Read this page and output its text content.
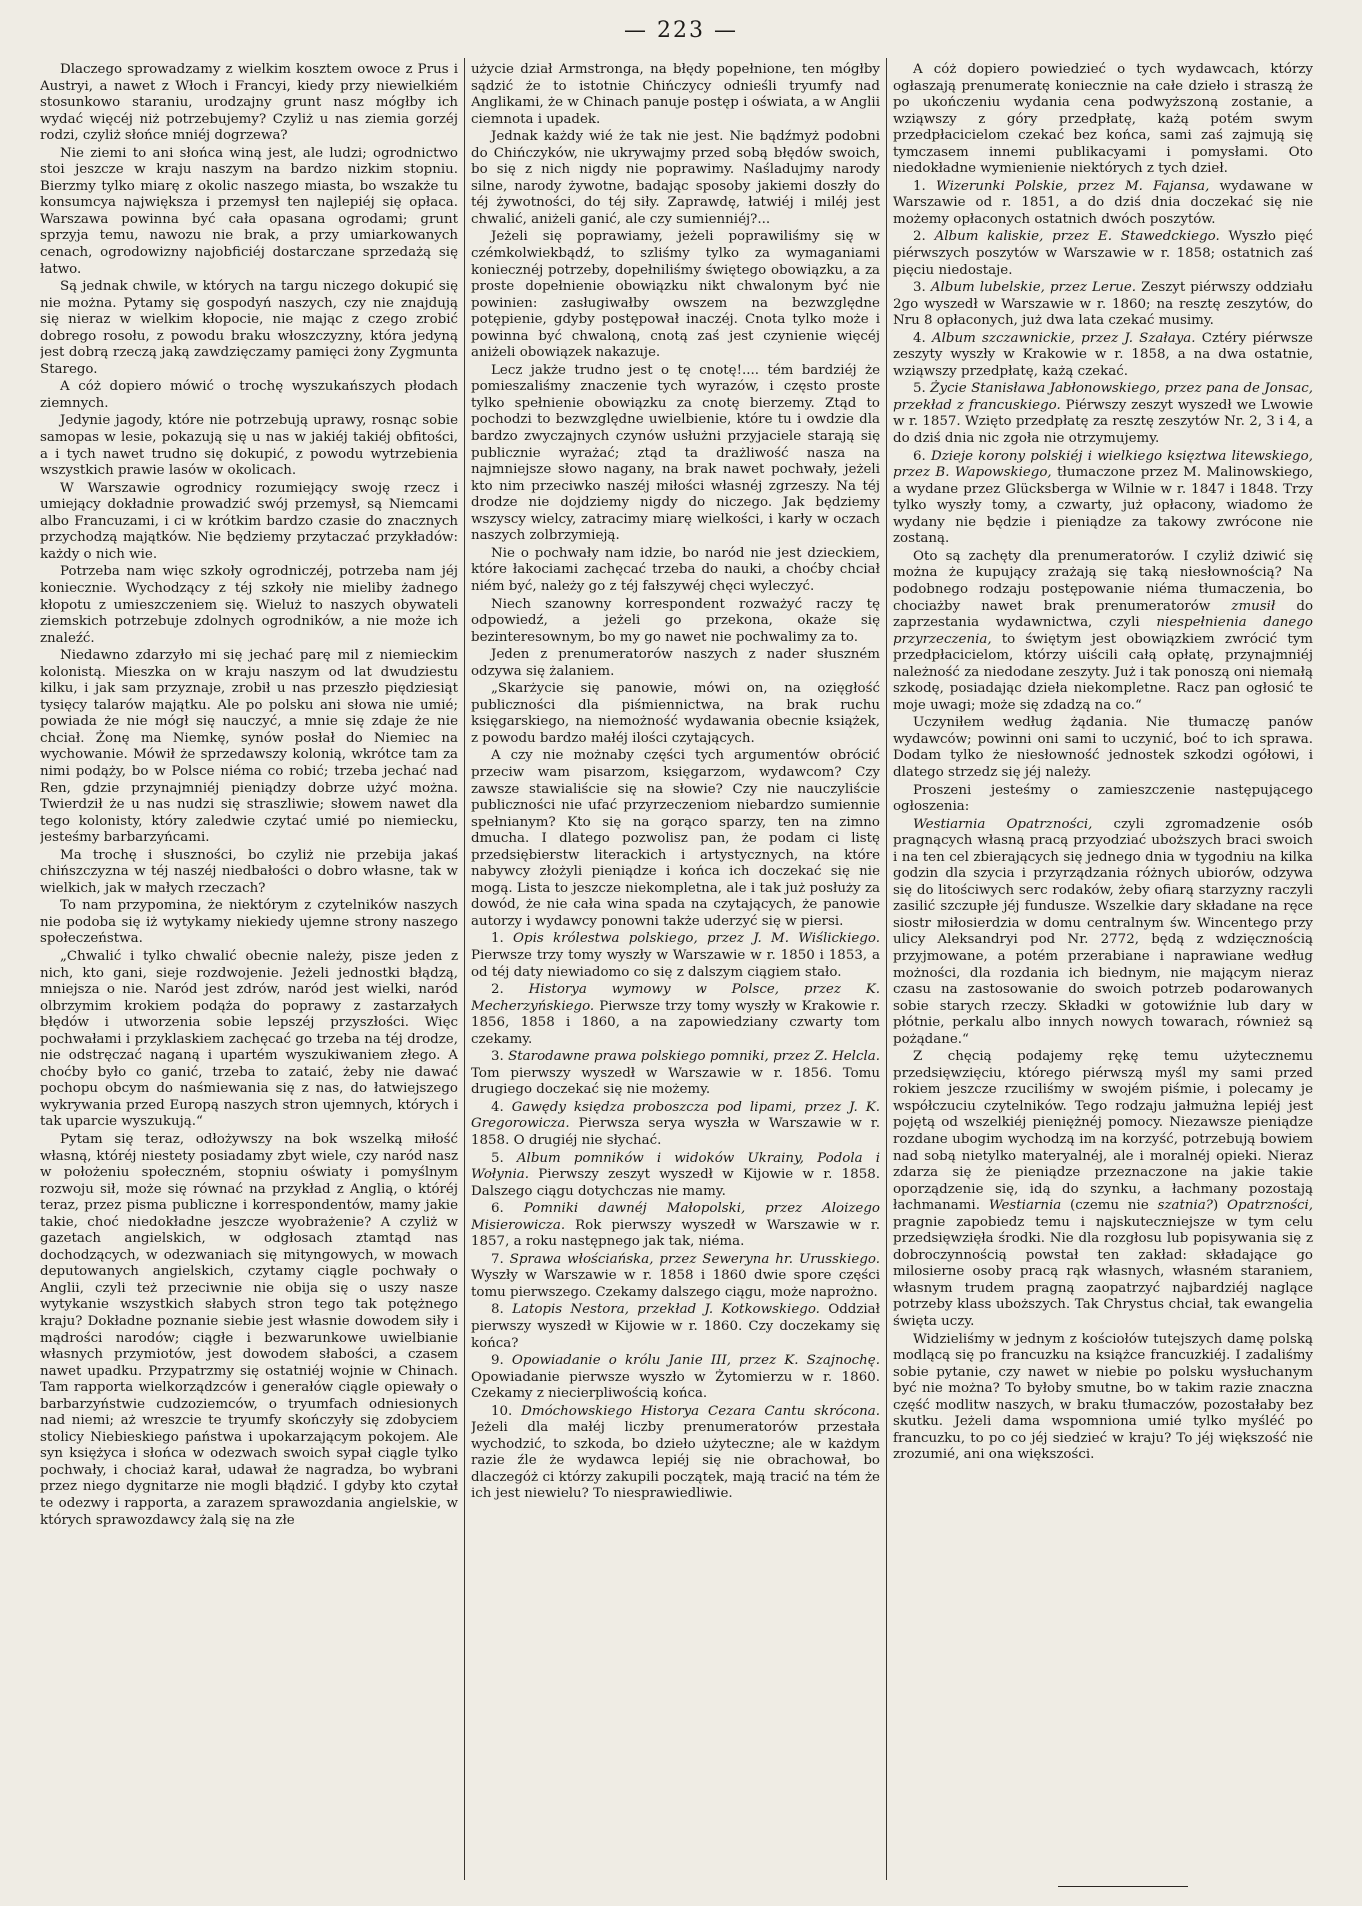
— 223 —

Dlaczego sprowadzamy z wielkim kosztem owoce z Prus i Austryi, a nawet z Włoch i Francyi, kiedy przy niewielkiém stosunkowo staraniu, urodzajny grunt nasz mógłby ich wydać więcéj niż potrzebujemy? Czyliż u nas ziemia gorzéj rodzi, czyliż słońce mniéj dogrzewa?

Nie ziemi to ani słońca winą jest, ale ludzi; ogrodnictwo stoi jeszcze w kraju naszym na bardzo nizkim stopniu. Bierzmy tylko miarę z okolic naszego miasta, bo wszakże tu konsumcya największa i przemysł ten najlepiéj się opłaca. Warszawa powinna być cała opasana ogrodami; grunt sprzyja temu, nawozu nie brak, a przy umiarkowanych cenach, ogrodowizny najobficiéj dostarczane sprzedażą się łatwo.

Są jednak chwile, w których na targu niczego dokupić się nie można. Pytamy się gospodyń naszych, czy nie znajdują się nieraz w wielkim kłopocie, nie mając z czego zrobić dobrego rosołu, z powodu braku włoszczyzny, która jedyną jest dobrą rzeczą jaką zawdzięczamy pamięci żony Zygmunta Starego.

A cóż dopiero mówić o trochę wyszukańszych płodach ziemnych.

Jedynie jagody, które nie potrzebują uprawy, rosnąc sobie samopas w lesie, pokazują się u nas w jakiéj takiéj obfitości, a i tych nawet trudno się dokupić, z powodu wytrzebienia wszystkich prawie lasów w okolicach.

W Warszawie ogrodnicy rozumiejący swoję rzecz i umiejący dokładnie prowadzić swój przemysł, są Niemcami albo Francuzami, i ci w krótkim bardzo czasie do znacznych przychodzą majątków. Nie będziemy przytaczać przykładów: każdy o nich wie.

Potrzeba nam więc szkoły ogrodniczéj, potrzeba nam jéj koniecznie. Wychodzący z téj szkoły nie mieliby żadnego kłopotu z umieszczeniem się. Wieluż to naszych obywateli ziemskich potrzebuje zdolnych ogrodników, a nie może ich znaleźć.

Niedawno zdarzyło mi się jechać parę mil z niemieckim kolonistą. Mieszka on w kraju naszym od lat dwudziestu kilku, i jak sam przyznaje, zrobił u nas przeszło piędziesiąt tysięcy talarów majątku. Ale po polsku ani słowa nie umié; powiada że nie mógł się nauczyć, a mnie się zdaje że nie chciał. Żonę ma Niemkę, synów posłał do Niemiec na wychowanie. Mówił że sprzedawszy kolonią, wkrótce tam za nimi podąży, bo w Polsce niéma co robić; trzeba jechać nad Ren, gdzie przynajmniéj pieniądzy dobrze użyć można. Twierdził że u nas nudzi się straszliwie; słowem nawet dla tego kolonisty, który zaledwie czytać umié po niemiecku, jesteśmy barbarzyńcami.

Ma trochę i słuszności, bo czyliż nie przebija jakaś chińszczyzna w téj naszéj niedbałości o dobro własne, tak w wielkich, jak w małych rzeczach?

To nam przypomina, że niektórym z czytelników naszych nie podoba się iż wytykamy niekiedy ujemne strony naszego społeczeństwa.

„Chwalić i tylko chwalić obecnie należy, pisze jeden z nich, kto gani, sieje rozdwojenie. Jeżeli jednostki błądzą, mniejsza o nie. Naród jest zdrów, naród jest wielki, naród olbrzymim krokiem podąża do poprawy z zastarzałych błędów i utworzenia sobie lepszéj przyszłości. Więc pochwałami i przyklaskiem zachęcać go trzeba na téj drodze, nie odstręczać naganą i upartém wyszukiwaniem złego. A choćby było co ganić, trzeba to zataić, żeby nie dawać pochopu obcym do naśmiewania się z nas, do łatwiejszego wykrywania przed Europą naszych stron ujemnych, których i tak uparcie wyszukują.“

Pytam się teraz, odłożywszy na bok wszelką miłość własną, któréj niestety posiadamy zbyt wiele, czy naród nasz w położeniu społeczném, stopniu oświaty i pomyślnym rozwoju sił, może się równać na przykład z Anglią, o któréj teraz, przez pisma publiczne i korrespondentów, mamy jakie takie, choć niedokładne jeszcze wyobrażenie? A czyliż w gazetach angielskich, w odgłosach ztamtąd nas dochodzących, w odezwaniach się mityngowych, w mowach deputowanych angielskich, czytamy ciągle pochwały o Anglii, czyli też przeciwnie nie obija się o uszy nasze wytykanie wszystkich słabych stron tego tak potężnego kraju? Dokładne poznanie siebie jest własnie dowodem siły i mądrości narodów; ciągłe i bezwarunkowe uwielbianie własnych przymiotów, jest dowodem słabości, a czasem nawet upadku. Przypatrzmy się ostatniéj wojnie w Chinach. Tam rapporta wielkorządzców i generałów ciągle opiewały o barbarzyństwie cudzoziemców, o tryumfach odniesionych nad niemi; aż wreszcie te tryumfy skończyły się zdobyciem stolicy Niebieskiego państwa i upokarzającym pokojem. Ale syn księżyca i słońca w odezwach swoich sypał ciągle tylko pochwały, i chociaż karał, udawał że nagradza, bo wybrani przez niego dygnitarze nie mogli błądzić. I gdyby kto czytał te odezwy i rapporta, a zarazem sprawozdania angielskie, w których sprawozdawcy żalą się na złe

użycie dział Armstronga, na błędy popełnione, ten mógłby sądzić że to istotnie Chińczycy odnieśli tryumfy nad Anglikami, że w Chinach panuje postęp i oświata, a w Anglii ciemnota i upadek.

Jednak każdy wié że tak nie jest. Nie bądźmyż podobni do Chińczyków, nie ukrywajmy przed sobą błędów swoich, bo się z nich nigdy nie poprawimy. Naśladujmy narody silne, narody żywotne, badając sposoby jakiemi doszły do téj żywotności, do téj siły. Zaprawdę, łatwiéj i miléj jest chwalić, aniżeli ganić, ale czy sumienniéj?...

Jeżeli się poprawiamy, jeżeli poprawiliśmy się w czémkolwiekbądź, to szliśmy tylko za wymaganiami koniecznéj potrzeby, dopełniliśmy świętego obowiązku, a za proste dopełnienie obowiązku nikt chwalonym być nie powinien: zasługiwałby owszem na bezwzględne potępienie, gdyby postępował inaczéj. Cnota tylko może i powinna być chwaloną, cnotą zaś jest czynienie więcéj aniżeli obowiązek nakazuje.

Lecz jakże trudno jest o tę cnotę!.... tém bardziéj że pomieszaliśmy znaczenie tych wyrazów, i często proste tylko spełnienie obowiązku za cnotę bierzemy. Ztąd to pochodzi to bezwzględne uwielbienie, które tu i owdzie dla bardzo zwyczajnych czynów usłużni przyjaciele starają się publicznie wyrażać; ztąd ta drażliwość nasza na najmniejsze słowo nagany, na brak nawet pochwały, jeżeli kto nim przeciwko naszéj miłości własnéj zgrzeszy. Na téj drodze nie dojdziemy nigdy do niczego. Jak będziemy wszyscy wielcy, zatracimy miarę wielkości, i karły w oczach naszych zolbrzymieją.

Nie o pochwały nam idzie, bo naród nie jest dzieckiem, które łakociami zachęcać trzeba do nauki, a choćby chciał niém być, należy go z téj fałszywéj chęci wyleczyć.

Niech szanowny korrespondent rozważyć raczy tę odpowiedź, a jeżeli go przekona, okaże się bezinteresownym, bo my go nawet nie pochwalimy za to.

Jeden z prenumeratorów naszych z nader słuszném odzywa się żalaniem.

„Skarżycie się panowie, mówi on, na ozięgłość publiczności dla piśmiennictwa, na brak ruchu księgarskiego, na niemożność wydawania obecnie książek, z powodu bardzo małéj ilości czytających.

A czy nie możnaby części tych argumentów obrócić przeciw wam pisarzom, księgarzom, wydawcom? Czy zawsze stawialiście się na słowie? Czy nie nauczyliście publiczności nie ufać przyrzeczeniom niebardzo sumiennie spełnianym? Kto się na gorąco sparzy, ten na zimno dmucha. I dlatego pozwolisz pan, że podam ci listę przedsiębierstw literackich i artystycznych, na które nabywcy złożyli pieniądze i końca ich doczekać się nie mogą. Lista to jeszcze niekompletna, ale i tak już posłuży za dowód, że nie cała wina spada na czytających, że panowie autorzy i wydawcy ponowni także uderzyć się w piersi.

1. Opis królestwa polskiego, przez J. M. Wiślickiego. Pierwsze trzy tomy wyszły w Warszawie w r. 1850 i 1853, a od téj daty niewiadomo co się z dalszym ciągiem stało.

2. Historya wymowy w Polsce, przez K. Mecherzyńskiego. Pierwsze trzy tomy wyszły w Krakowie r. 1856, 1858 i 1860, a na zapowiedziany czwarty tom czekamy.

3. Starodawne prawa polskiego pomniki, przez Z. Helcla. Tom pierwszy wyszedł w Warszawie w r. 1856. Tomu drugiego doczekać się nie możemy.

4. Gawędy księdza proboszcza pod lipami, przez J. K. Gregorowicza. Pierwsza serya wyszła w Warszawie w r. 1858. O drugiéj nie słychać.

5. Album pomników i widoków Ukrainy, Podola i Wołynia. Pierwszy zeszyt wyszedł w Kijowie w r. 1858. Dalszego ciągu dotychczas nie mamy.

6. Pomniki dawnéj Małopolski, przez Aloizego Misierowicza. Rok pierwszy wyszedł w Warszawie w r. 1857, a roku następnego jak tak, niéma.

7. Sprawa włościańska, przez Seweryna hr. Urusskiego. Wyszły w Warszawie w r. 1858 i 1860 dwie spore części tomu pierwszego. Czekamy dalszego ciągu, może naprożno.

8. Latopis Nestora, przekład J. Kotkowskiego. Oddział pierwszy wyszedł w Kijowie w r. 1860. Czy doczekamy się końca?

9. Opowiadanie o królu Janie III, przez K. Szajnochę. Opowiadanie pierwsze wyszło w Żytomierzu w r. 1860. Czekamy z niecierpliwością końca.

10. Dmóchowskiego Historya Cezara Cantu skrócona. Jeżeli dla małéj liczby prenumeratorów przestała wychodzić, to szkoda, bo dzieło użyteczne; ale w każdym razie źle że wydawca lepiéj się nie obrachował, bo dlaczegóż ci którzy zakupili początek, mają tracić na tém że ich jest niewielu? To niesprawiedliwie.

A cóż dopiero powiedzieć o tych wydawcach, którzy ogłaszają prenumeratę koniecznie na całe dzieło i straszą że po ukończeniu wydania cena podwyższoną zostanie, a wziąwszy z góry przedpłatę, każą potém swym przedpłacicielom czekać bez końca, sami zaś zajmują się tymczasem innemi publikacyami i pomysłami. Oto niedokładne wymienienie niektórych z tych dzieł.

1. Wizerunki Polskie, przez M. Fajansa, wydawane w Warszawie od r. 1851, a do dziś dnia doczekać się nie możemy opłaconych ostatnich dwóch poszytów.

2. Album kaliskie, przez E. Stawedckiego. Wyszło pięć piérwszych poszytów w Warszawie w r. 1858; ostatnich zaś pięciu niedostaje.

3. Album lubelskie, przez Lerue. Zeszyt piérwszy oddziału 2go wyszedł w Warszawie w r. 1860; na resztę zeszytów, do Nru 8 opłaconych, już dwa lata czekać musimy.

4. Album szczawnickie, przez J. Szałaya. Cztéry piérwsze zeszyty wyszły w Krakowie w r. 1858, a na dwa ostatnie, wziąwszy przedpłatę, każą czekać.

5. Życie Stanisława Jabłonowskiego, przez pana de Jonsac, przekład z francuskiego. Piérwszy zeszyt wyszedł we Lwowie w r. 1857. Wzięto przedpłatę za resztę zeszytów Nr. 2, 3 i 4, a do dziś dnia nic zgoła nie otrzymujemy.

6. Dzieje korony polskiéj i wielkiego księztwa litewskiego, przez B. Wapowskiego, tłumaczone przez M. Malinowskiego, a wydane przez Glücksberga w Wilnie w r. 1847 i 1848. Trzy tylko wyszły tomy, a czwarty, już opłacony, wiadomo że wydany nie będzie i pieniądze za takowy zwrócone nie zostaną.

Oto są zachęty dla prenumeratorów. I czyliż dziwić się można że kupujący zrażają się taką niesłownością? Na podobnego rodzaju postępowanie niéma tłumaczenia, bo chociażby nawet brak prenumeratorów zmusił do zaprzestania wydawnictwa, czyli niespełnienia danego przyrzeczenia, to świętym jest obowiązkiem zwrócić tym przedpłacicielom, którzy uiścili całą opłatę, przynajmniéj należność za niedodane zeszyty. Już i tak ponoszą oni niemałą szkodę, posiadając dzieła niekompletne. Racz pan ogłosić te moje uwagi; może się zdadzą na co.“

Uczyniłem według żądania. Nie tłumaczę panów wydawców; powinni oni sami to uczynić, boć to ich sprawa. Dodam tylko że niesłowność jednostek szkodzi ogółowi, i dlatego strzedz się jéj należy.

Proszeni jesteśmy o zamieszczenie następującego ogłoszenia:

Westiarnia Opatrzności, czyli zgromadzenie osób pragnących własną pracą przyodziać uboższych braci swoich i na ten cel zbierających się jednego dnia w tygodniu na kilka godzin dla szycia i przyrządzania różnych ubiorów, odzywa się do litościwych serc rodaków, żeby ofiarą starzyzny raczyli zasilić szczupłe jéj fundusze. Wszelkie dary składane na ręce siostr miłosierdzia w domu centralnym św. Wincentego przy ulicy Aleksandryi pod Nr. 2772, będą z wdzięcznością przyjmowane, a potém przerabiane i naprawiane według możności, dla rozdania ich biednym, nie mającym nieraz czasu na zastosowanie do swoich potrzeb podarowanych sobie starych rzeczy. Składki w gotowiźnie lub dary w płótnie, perkalu albo innych nowych towarach, również są pożądane.“

Z chęcią podajemy rękę temu użytecznemu przedsięwzięciu, którego piérwszą myśl my sami przed rokiem jeszcze rzuciliśmy w swojém piśmie, i polecamy je współczuciu czytelników. Tego rodzaju jałmużna lepiéj jest pojętą od wszelkiéj pieniężnéj pomocy. Niezawsze pieniądze rozdane ubogim wychodzą im na korzyść, potrzebują bowiem nad sobą nietylko materyalnéj, ale i moralnéj opieki. Nieraz zdarza się że pieniądze przeznaczone na jakie takie oporządzenie się, idą do szynku, a łachmany pozostają łachmanami. Westiarnia (czemu nie szatnia?) Opatrzności, pragnie zapobiedz temu i najskuteczniejsze w tym celu przedsięwzięła środki. Nie dla rozgłosu lub popisywania się z dobroczynnością powstał ten zakład: składające go milosierne osoby pracą rąk własnych, własném staraniem, własnym trudem pragną zaopatrzyć najbardziéj naglące potrzeby klass uboższych. Tak Chrystus chciał, tak ewangelia święta uczy.

Widzieliśmy w jednym z kościołów tutejszych damę polską modlącą się po francuzku na książce francuzkiéj. I zadaliśmy sobie pytanie, czy nawet w niebie po polsku wysłuchanym być nie można? To byłoby smutne, bo w takim razie znaczna część modlitw naszych, w braku tłumaczów, pozostałaby bez skutku. Jeżeli dama wspomniona umié tylko myśléć po francuzku, to po co jéj siedzieć w kraju? To jéj większość nie zrozumié, ani ona większości.
